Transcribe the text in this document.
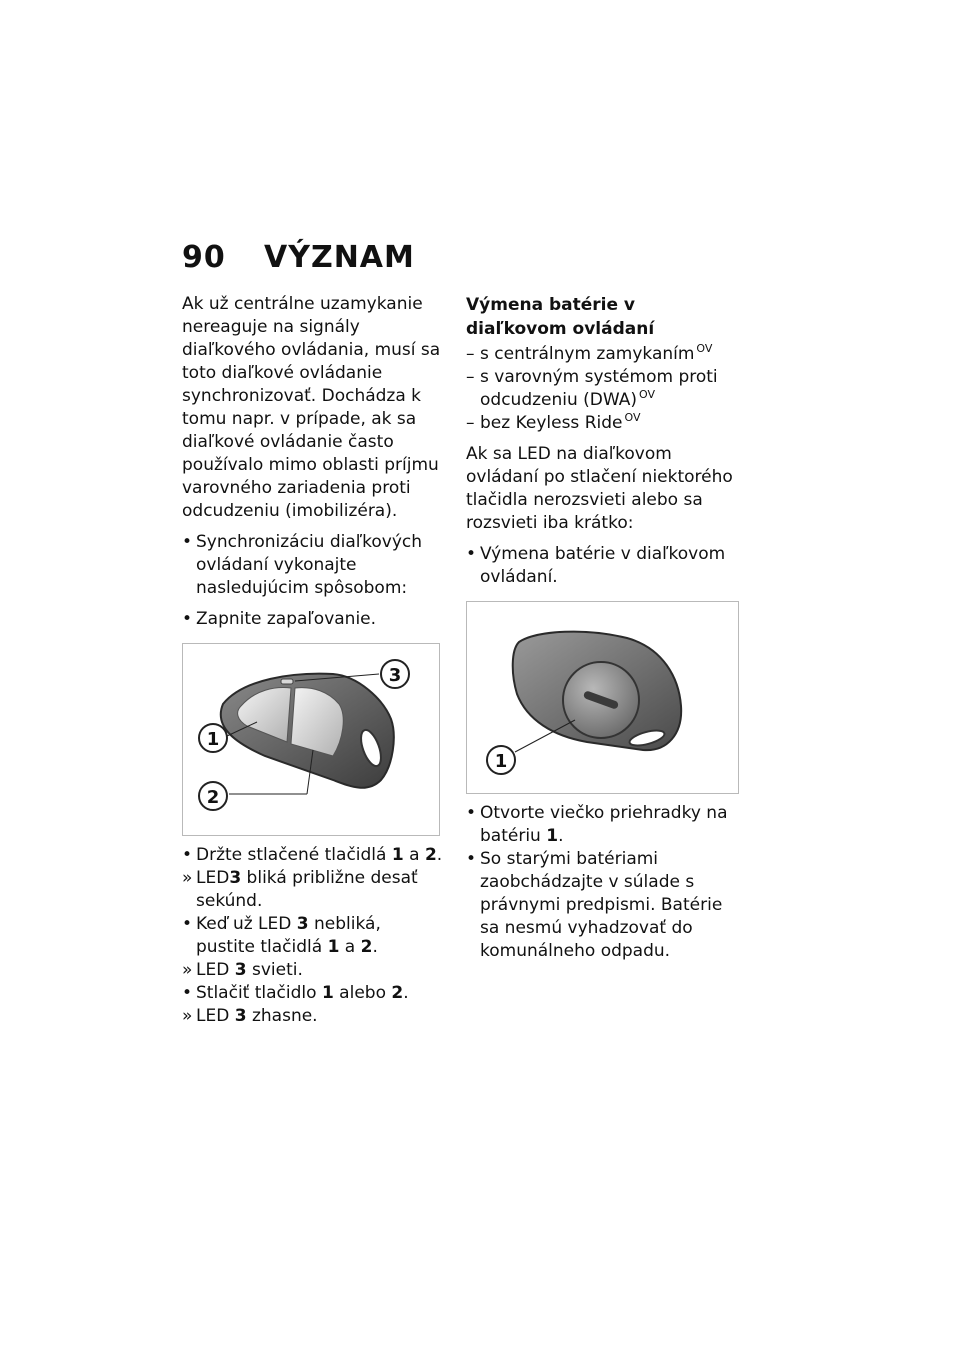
90 VÝZNAM

Ak už centrálne uzamykanie nereaguje na signály diaľkového ovládania, musí sa toto diaľkové ovládanie synchronizovať. Dochádza k tomu napr. v prípade, ak sa diaľkové ovládanie často používalo mimo oblasti príjmu varovného zariadenia proti odcudzeniu (imobilizéra).

• Synchronizáciu diaľkových ovládaní vykonajte nasledujúcim spôsobom:
• Zapnite zapaľovanie.
1
2
3
• Držte stlačené tlačidlá 1 a 2.
» LED3 bliká približne desať sekúnd.
• Keď už LED 3 nebliká, pustite tlačidlá 1 a 2.
» LED 3 svieti.
• Stlačiť tlačidlo 1 alebo 2.
» LED 3 zhasne.
Výmena batérie v diaľkovom ovládaní
– s centrálnym zamykaním $^{OV}$
– s varovným systémom proti odcudzeniu (DWA) $^{OV}$
– bez Keyless Ride $^{OV}$

Ak sa LED na diaľkovom ovládaní po stlačení niektorého tlačidla nerozsvieti alebo sa rozsvieti iba krátko:

• Výmena batérie v diaľkovom ovládaní.
1
• Otvorte viečko priehradky na batériu 1.
• So starými batériami zaobchádzajte v súlade s právnymi predpismi. Batérie sa nesmú vyhadzovať do komunálneho odpadu.
